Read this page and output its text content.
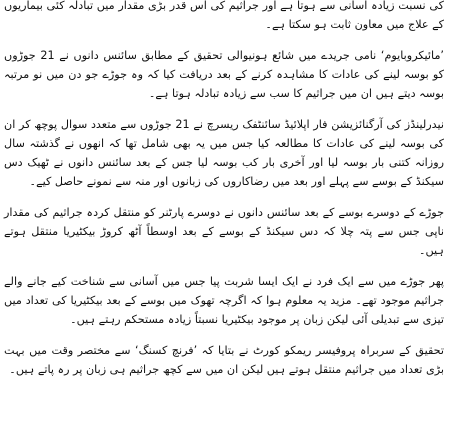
کی نسبت زیادہ آسانی سے ہوتا ہے اور جراثیم کی اس قدر بڑی مقدار میں تبادلہ کئی بیماریوں کے علاج میں معاون ثابت ہو سکتا ہے۔

’مائیکروبایوم‘ نامی جریدے میں شائع ہونیوالی تحقیق کے مطابق سائنس دانوں نے 21 جوڑوں کو بوسہ لینے کی عادات کا مشاہدہ کرنے کے بعد دریافت کیا کہ وہ جوڑے جو دن میں نو مرتبہ بوسہ دیتے ہیں ان میں جراثیم کا سب سے زیادہ تبادلہ ہوتا ہے۔

نیدرلینڈز کی آرگنائزیشن فار اپلائیڈ سائنٹفک ریسرچ نے 21 جوڑوں سے متعدد سوال پوچھ کر ان کی بوسہ لینے کی عادات کا مطالعہ کیا جس میں یہ بھی شامل تھا کہ انھوں نے گذشتہ سال روزانہ کتنی بار بوسہ لیا اور آخری بار کب بوسہ لیا جس کے بعد سائنس دانوں نے ٹھیک دس سیکنڈ کے بوسے سے پہلے اور بعد میں رضاکاروں کی زبانوں اور منہ سے نمونے حاصل کیے۔

جوڑے کے دوسرے بوسے کے بعد سائنس دانوں نے دوسرے پارٹنر کو منتقل کردہ جراثیم کی مقدار ناپی جس سے پتہ چلا کہ دس سیکنڈ کے بوسے کے بعد اوسطاً آٹھ کروڑ بیکٹیریا منتقل ہوتے ہیں۔

پھر جوڑے میں سے ایک فرد نے ایک ایسا شربت پیا جس میں آسانی سے شناخت کیے جانے والے جراثیم موجود تھے۔ مزید یہ معلوم ہوا کہ اگرچہ تھوک میں بوسے کے بعد بیکٹیریا کی تعداد میں تیزی سے تبدیلی آئی لیکن زبان پر موجود بیکٹیریا نسبتاً زیادہ مستحکم رہتے ہیں۔

تحقیق کے سربراہ پروفیسر ریمکو کورٹ نے بتایا کہ ’فرنچ کسنگ‘ سے مختصر وقت میں بہت بڑی تعداد میں جراثیم منتقل ہوتے ہیں لیکن ان میں سے کچھ جراثیم ہی زبان پر رہ پاتے ہیں۔
